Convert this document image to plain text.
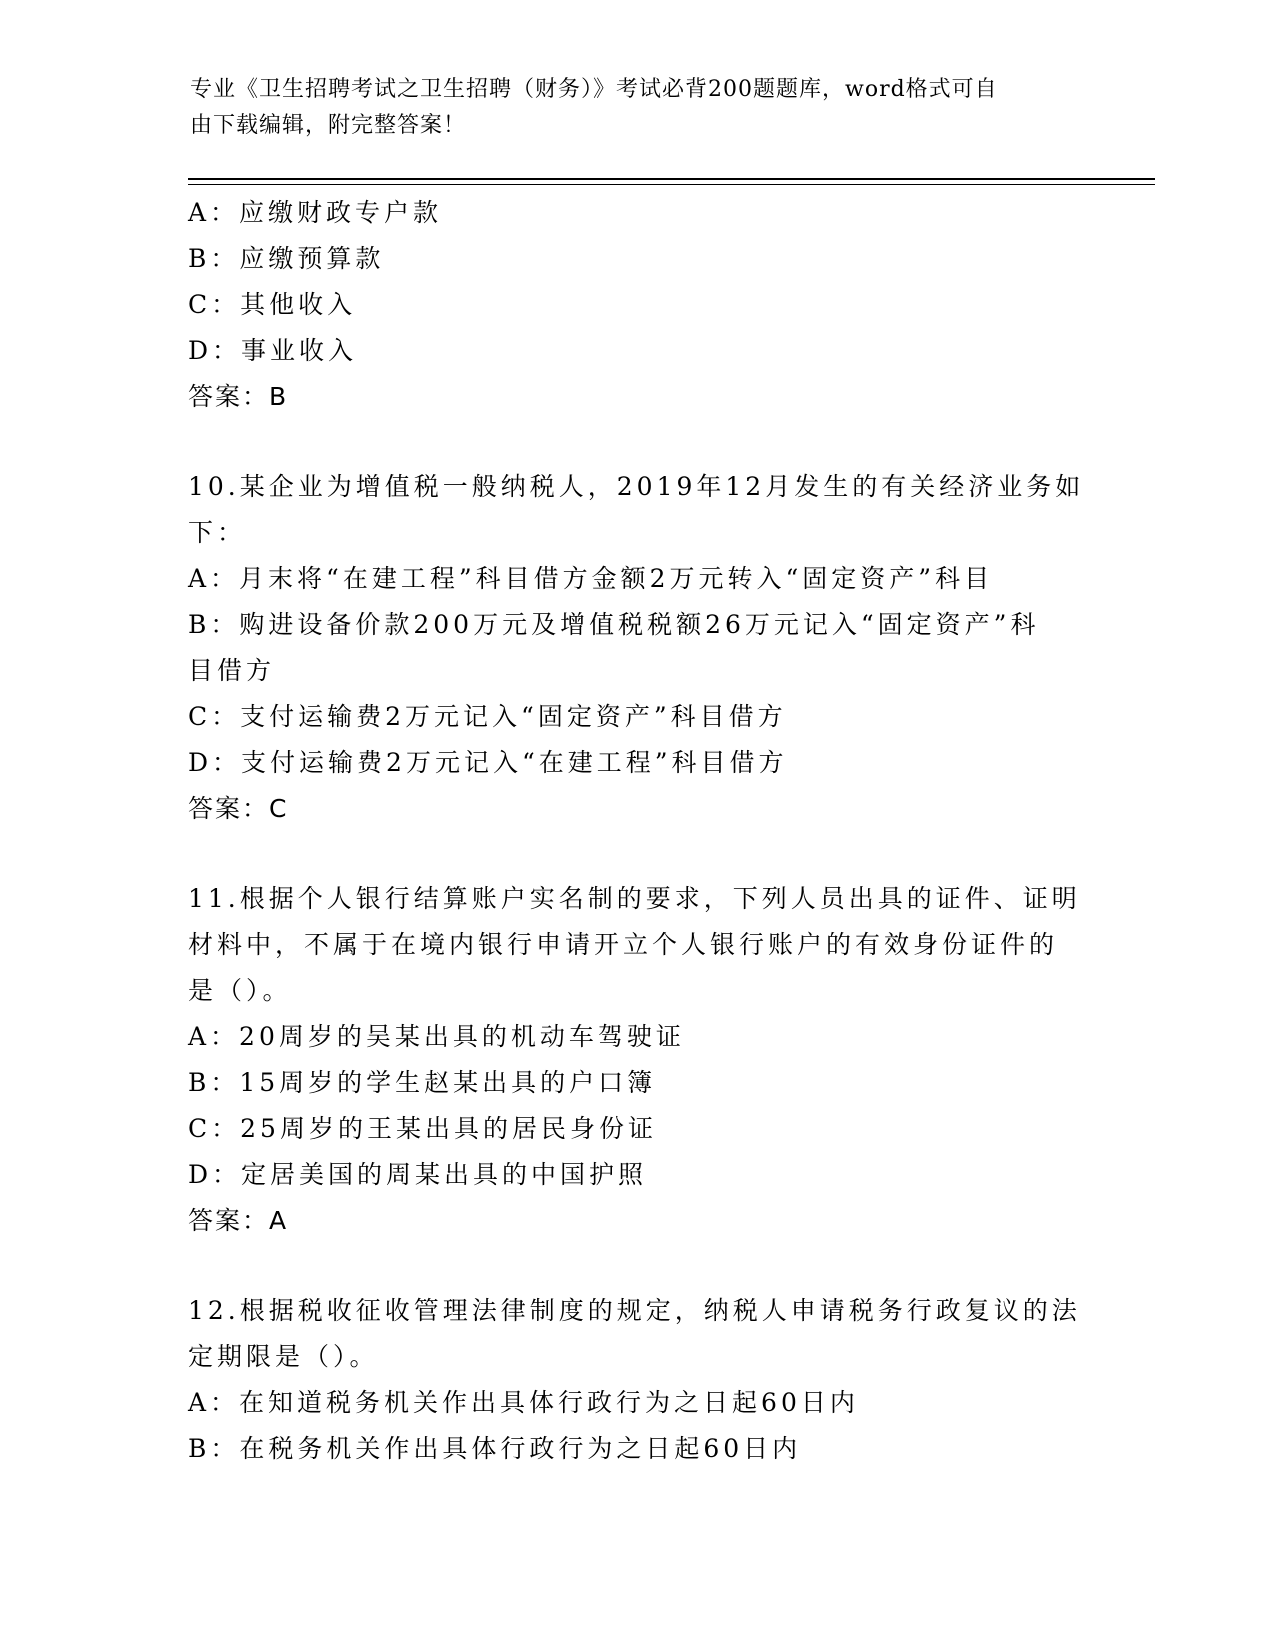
专业《卫生招聘考试之卫生招聘（财务）》考试必背200题题库，word格式可自
由下载编辑，附完整答案！
A：应缴财政专户款
B：应缴预算款
C：其他收入
D：事业收入
答案：B
10.某企业为增值税一般纳税人，2019年12月发生的有关经济业务如
下：
A：月末将“在建工程”科目借方金额2万元转入“固定资产”科目
B：购进设备价款200万元及增值税税额26万元记入“固定资产”科
目借方
C：支付运输费2万元记入“固定资产”科目借方
D：支付运输费2万元记入“在建工程”科目借方
答案：C
11.根据个人银行结算账户实名制的要求，下列人员出具的证件、证明
材料中，不属于在境内银行申请开立个人银行账户的有效身份证件的
是（）。
A：20周岁的吴某出具的机动车驾驶证
B：15周岁的学生赵某出具的户口簿
C：25周岁的王某出具的居民身份证
D：定居美国的周某出具的中国护照
答案：A
12.根据税收征收管理法律制度的规定，纳税人申请税务行政复议的法
定期限是（）。
A：在知道税务机关作出具体行政行为之日起60日内
B：在税务机关作出具体行政行为之日起60日内
